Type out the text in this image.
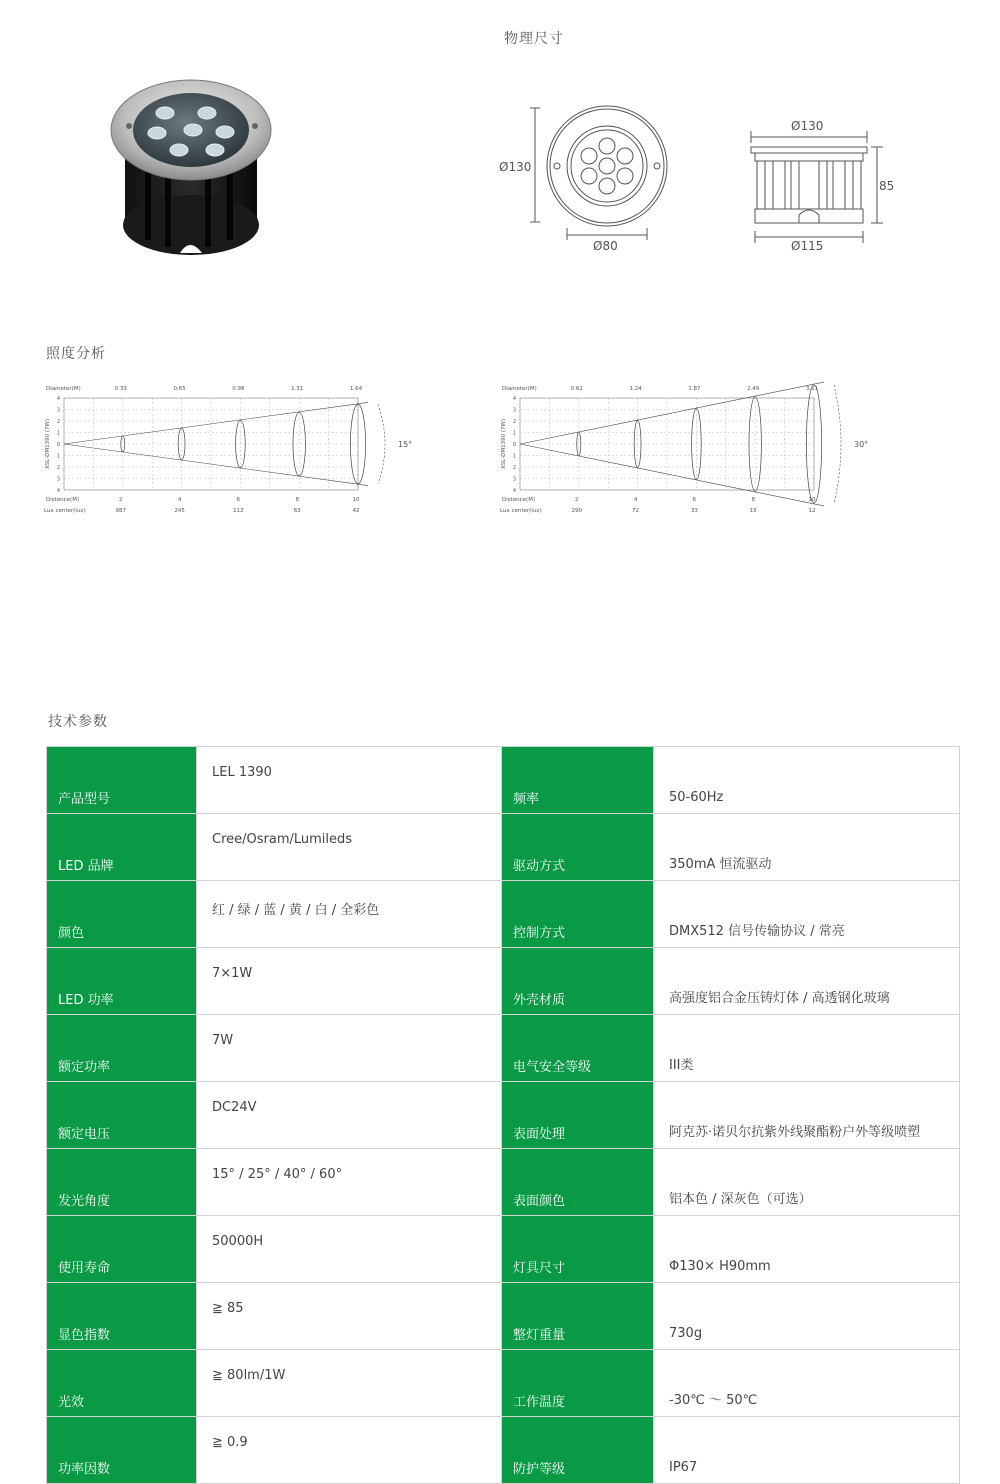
物理尺寸
照度分析
技术参数
Ø130
Ø80
Ø130
85
Ø115
4
3
2
1
0
1
2
3
4
Diameter(M)	0.33	0.65	0.98	1.31	1.64
Distance(M)
Lux center(lux)
2
987
4
245
6
112
8
63
10
42
XSL-DM1390 (7W)	15°
4
3
2
1
0
1
2
3
4
Diameter(M)	0.62	1.24	1.87	2.49	3.11
Distance(M)
Lux center(lux)
2
290
4
72
6
33
8
19
10
12
XSL-DM1390 (7W)	30°
产品型号	LEL 1390	频率	50-60Hz
LED 品牌	Cree/Osram/Lumileds	驱动方式	350mA 恒流驱动
颜色	红 / 绿 / 蓝 / 黄 / 白 / 全彩色	控制方式	DMX512 信号传输协议 / 常亮
LED 功率	7×1W	外壳材质	高强度铝合金压铸灯体 / 高透钢化玻璃
额定功率	7W	电气安全等级	III类
额定电压	DC24V	表面处理	阿克苏·诺贝尔抗紫外线聚酯粉户外等级喷塑
发光角度	15° / 25° / 40° / 60°	表面颜色	铝本色 / 深灰色（可选）
使用寿命	50000H	灯具尺寸	Φ130× H90mm
显色指数	≧ 85	整灯重量	730g
光效	≧ 80lm/1W	工作温度	-30℃ ～ 50℃
功率因数	≧ 0.9	防护等级	IP67
